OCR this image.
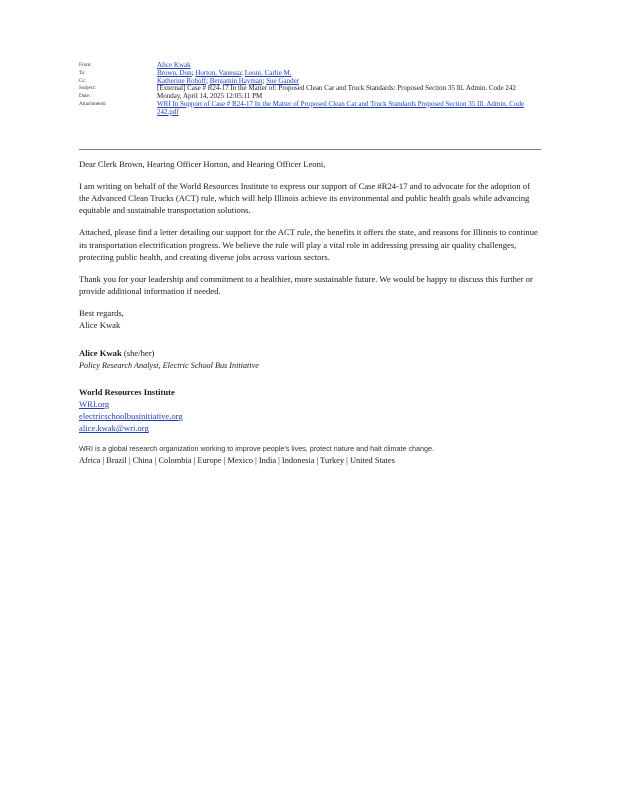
From:	Alice Kwak
To:	Brown, Don; Horton, Vanessa; Leoni, Carlie M.
Cc:	Katherine Roboff; Benjamin Hayman; Sue Gander
Subject:	[External] Case # R24-17 In the Matter of: Proposed Clean Car and Truck Standards: Proposed Section 35 Ill. Admin. Code 242
Date:	Monday, April 14, 2025 12:05:11 PM
Attachments:	WRI In Support of Case # R24-17 In the Matter of Proposed Clean Car and Truck Standards Proposed Section 35 Ill. Admin. Code 242.pdf

Dear Clerk Brown, Hearing Officer Horton, and Hearing Officer Leoni,

I am writing on behalf of the World Resources Institute to express our support of Case #R24-17 and to advocate for the adoption of the Advanced Clean Trucks (ACT) rule, which will help Illinois achieve its environmental and public health goals while advancing equitable and sustainable transportation solutions.

Attached, please find a letter detailing our support for the ACT rule, the benefits it offers the state, and reasons for Illinois to continue its transportation electrification progress. We believe the rule will play a vital role in addressing pressing air quality challenges, protecting public health, and creating diverse jobs across various sectors.

Thank you for your leadership and commitment to a healthier, more sustainable future. We would be happy to discuss this further or provide additional information if needed.

Best regards,
Alice Kwak
Alice Kwak (she/her)
Policy Research Analyst, Electric School Bus Initiative
World Resources Institute
WRI.org
electricschoolbusinitiative.org
alice.kwak@wri.org
WRI is a global research organization working to improve people’s lives, protect nature and halt climate change.
Africa | Brazil | China | Colombia | Europe | Mexico | India | Indonesia | Turkey | United States
